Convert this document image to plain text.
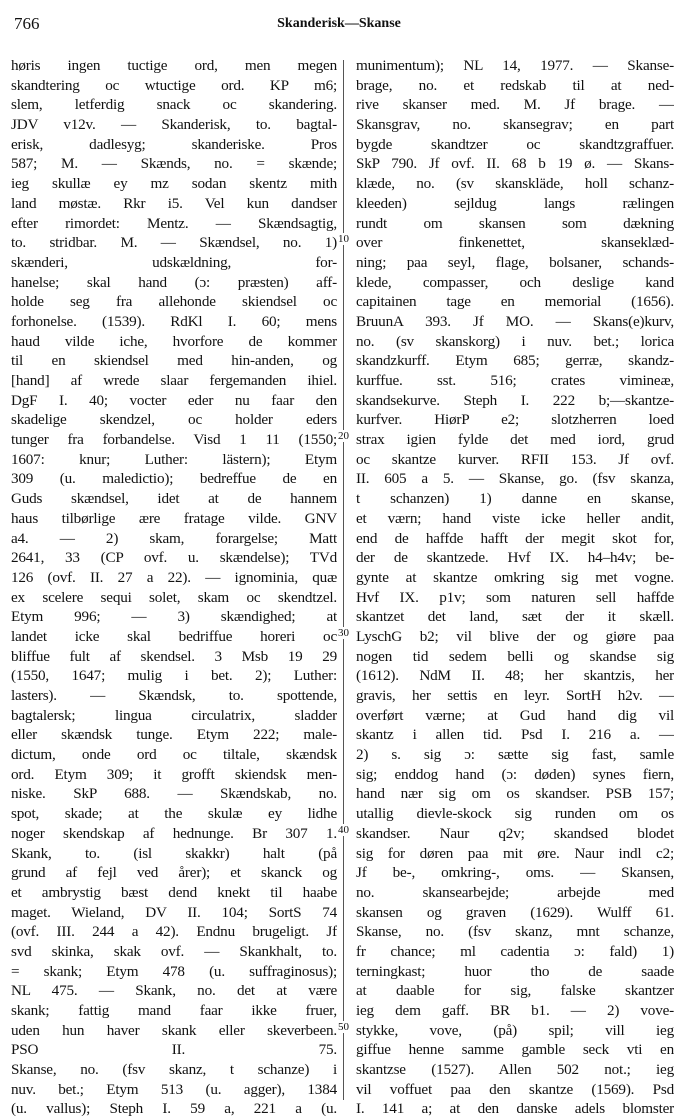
766	Skanderisk—Skanse
høris ingen tuctige ord, men megen
skandtering oc wtuctige ord. KP m6;
slem, letferdig snack oc skandering.
JDV v12v. — Skanderisk, to. bagtal-
erisk, dadlesyg; skanderiske. Pros
587; M. — Skænds, no. = skænde;
ieg skullæ ey mz sodan skentz mith
land møstæ. Rkr i5. Vel kun dandser
efter rimordet: Mentz. — Skændsagtig,
to. stridbar. M. — Skændsel, no. 1)
skænderi, udskældning, for-
hanelse; skal hand (ɔ: præsten) aff-
holde seg fra allehonde skiendsel oc
forhonelse. (1539). RdKl I. 60; mens
haud vilde iche, hvorfore de kommer
til en skiendsel med hin-anden, og
[hand] af wrede slaar fergemanden ihiel.
DgF I. 40; vocter eder nu faar den
skadelige skendzel, oc holder eders
tunger fra forbandelse. Visd 1 11 (1550;
1607: knur; Luther: lästern); Etym
309 (u. maledictio); bedreffue de en
Guds skændsel, idet at de hannem
haus tilbørlige ære fratage vilde. GNV
a4. — 2) skam, forargelse; Matt
2641, 33 (CP ovf. u. skændelse); TVd
126 (ovf. II. 27 a 22). — ignominia, quæ
ex scelere sequi solet, skam oc skendtzel.
Etym 996; — 3) skændighed; at
landet icke skal bedriffue horeri oc
bliffue fult af skendsel. 3 Msb 19 29
(1550, 1647; mulig i bet. 2); Luther:
lasters). — Skændsk, to. spottende,
bagtalersk; lingua circulatrix, sladder
eller skændsk tunge. Etym 222; male-
dictum, onde ord oc tiltale, skændsk
ord. Etym 309; it grofft skiendsk men-
niske. SkP 688. — Skændskab, no.
spot, skade; at the skulæ ey lidhe
noger skendskap af hednunge. Br 307 1.
Skank, to. (isl skakkr) halt (på
grund af fejl ved årer); et skanck og
et ambrystig bæst dend knekt til haabe
maget. Wieland, DV II. 104; SortS 74
(ovf. III. 244 a 42). Endnu brugeligt. Jf
svd skinka, skak ovf. — Skankhalt, to.
= skank; Etym 478 (u. suffraginosus);
NL 475. — Skank, no. det at være
skank; fattig mand faar ikke fruer,
uden hun haver skank eller skeverbeen.
PSO II. 75.
Skanse, no. (fsv skanz, t schanze) i
nuv. bet.; Etym 513 (u. agger), 1384
(u. vallus); Steph I. 59 a, 221 a (u.
munimentum); NL 14, 1977. — Skanse-
brage, no. et redskab til at ned-
rive skanser med. M. Jf brage. —
Skansgrav, no. skansegrav; en part
bygde skandtzer oc skandtzgraffuer.
SkP 790. Jf ovf. II. 68 b 19 ø. — Skans-
klæde, no. (sv skanskläde, holl schanz-
kleeden) sejldug langs rælingen
rundt om skansen som dækning
over finkenettet, skanseklæd-
ning; paa seyl, flage, bolsaner, schands-
klede, compasser, och deslige kand
capitainen tage en memorial (1656).
BruunA 393. Jf MO. — Skans(e)kurv,
no. (sv skanskorg) i nuv. bet.; lorica
skandzkurff. Etym 685; gerræ, skandz-
kurffue. sst. 516; crates vimineæ,
skandsekurve. Steph I. 222 b;—skantze-
kurfver. HiørP e2; slotzherren loed
strax igien fylde det med iord, grud
oc skantze kurver. RFII 153. Jf ovf.
II. 605 a 5. — Skanse, go. (fsv skanza,
t schanzen) 1) danne en skanse,
et værn; hand viste icke heller andit,
end de haffde hafft der megit skot for,
der de skantzede. Hvf IX. h4–h4v; be-
gynte at skantze omkring sig met vogne.
Hvf IX. p1v; som naturen sell haffde
skantzet det land, sæt der it skæll.
LyschG b2; vil blive der og giøre paa
nogen tid sedem belli og skandse sig
(1612). NdM II. 48; her skantzis, her
gravis, her settis en leyr. SortH h2v. —
overført værne; at Gud hand dig vil
skantz i allen tid. Psd I. 216 a. —
2) s. sig ɔ: sætte sig fast, samle
sig; enddog hand (ɔ: døden) synes fiern,
hand nær sig om os skandser. PSB 157;
utallig dievle-skock sig runden om os
skandser. Naur q2v; skandsed blodet
sig for døren paa mit øre. Naur indl c2;
Jf be-, omkring-, oms. — Skansen,
no. skansearbejde; arbejde med
skansen og graven (1629). Wulff 61.
Skanse, no. (fsv skanz, mnt schanze,
fr chance; ml cadentia ɔ: fald) 1)
terningkast; huor tho de saade
at daable for sig, falske skantzer
ieg dem gaff. BR b1. — 2) vove-
stykke, vove, (på) spil; vill ieg
giffue henne samme gamble seck vti en
skantzse (1527). Allen 502 not.; ieg
vil voffuet paa den skantze (1569). Psd
I. 141 a; at den danske adels blomster
10
20
30
40
50
